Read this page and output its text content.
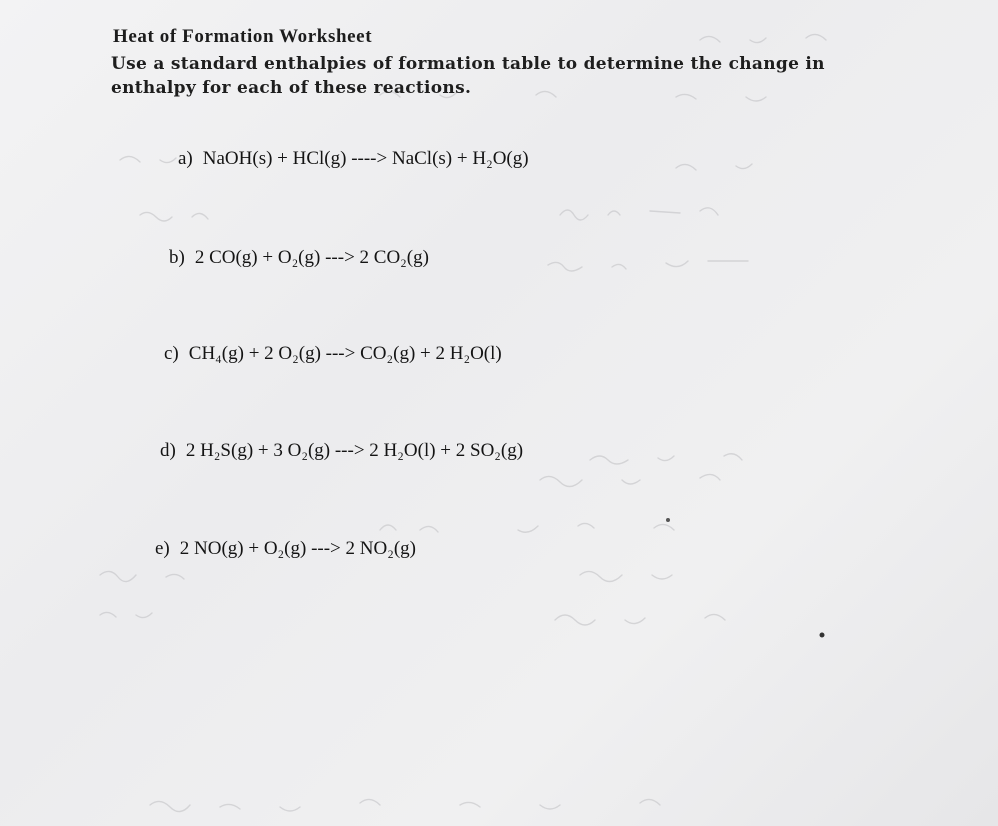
Heat of Formation Worksheet
Use a standard enthalpies of formation table to determine the change in enthalpy for each of these reactions.
a) NaOH(s) + HCl(g) ----> NaCl(s) + H₂O(g)
b) 2 CO(g) + O₂(g) ---> 2 CO₂(g)
c) CH₄(g) + 2 O₂(g) ---> CO₂(g) + 2 H₂O(l)
d) 2 H₂S(g) + 3 O₂(g) ---> 2 H₂O(l) + 2 SO₂(g)
e) 2 NO(g) + O₂(g) ---> 2 NO₂(g)
